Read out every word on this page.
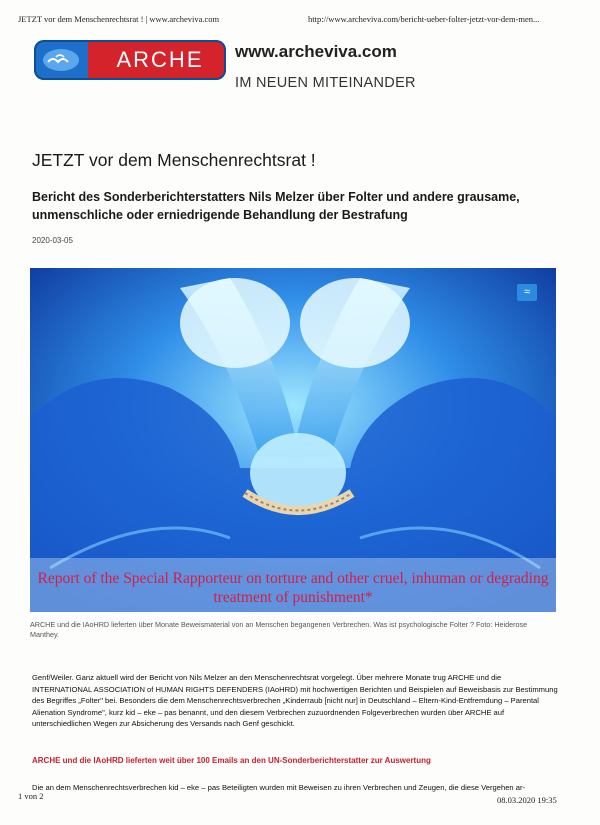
JETZT vor dem Menschenrechtsrat ! | www.archeviva.com	http://www.archeviva.com/bericht-ueber-folter-jetzt-vor-dem-men...
ARCHE	www.archeviva.com
IM NEUEN MITEINANDER
JETZT vor dem Menschenrechtsrat !
Bericht des Sonderberichterstatters Nils Melzer über Folter und andere grausame, unmenschliche oder erniedrigende Behandlung der Bestrafung
2020-03-05
≈
Report of the Special Rapporteur on torture and other cruel, inhuman or degrading treatment of punishment*
ARCHE und die IAoHRD lieferten über Monate Beweismaterial von an Menschen begangenen Verbrechen. Was ist psychologische Folter ? Foto: Heiderose Manthey.
Genf/Weiler. Ganz aktuell wird der Bericht von Nils Melzer an den Menschenrechtsrat vorgelegt. Über mehrere Monate trug ARCHE und die INTERNATIONAL ASSOCIATION of HUMAN RIGHTS DEFENDERS (IAoHRD) mit hochwertigen Berichten und Beispielen auf Beweisbasis zur Bestimmung des Begriffes „Folter" bei. Besonders die dem Menschenrechtsverbrechen „Kinderraub [nicht nur] in Deutschland – Eltern-Kind-Entfremdung – Parental Alienation Syndrome", kurz kid – eke – pas benannt, und den diesem Verbrechen zuzuordnenden Folgeverbrechen wurden über ARCHE auf unterschiedlichen Wegen zur Absicherung des Versands nach Genf geschickt.
ARCHE und die IAoHRD lieferten weit über 100 Emails an den UN-Sonderberichterstatter zur Auswertung
Die an dem Menschenrechtsverbrechen kid – eke – pas Beteiligten wurden mit Beweisen zu ihren Verbrechen und Zeugen, die diese Vergehen ar-
1 von 2	08.03.2020 19:35
